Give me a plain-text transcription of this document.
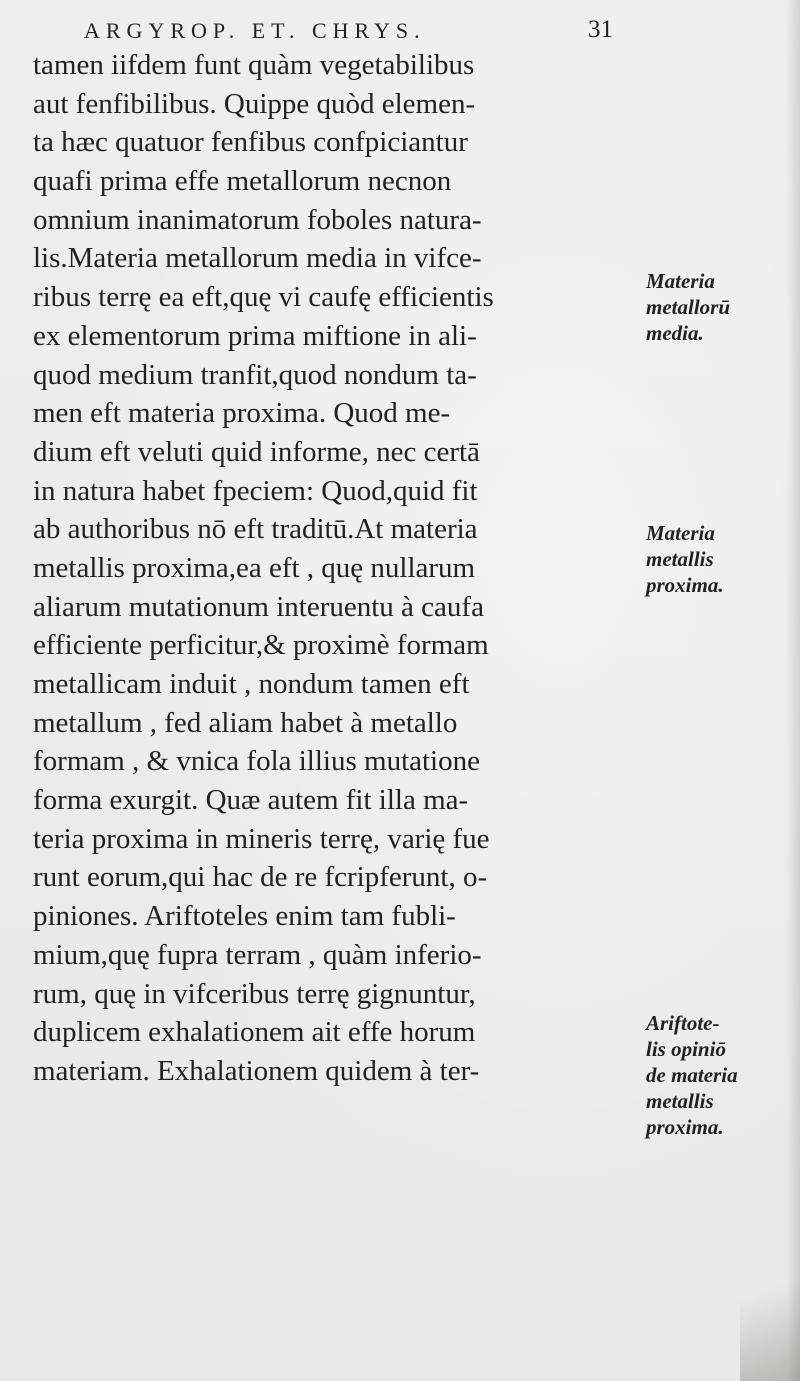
ARGYROP. ET. CHRYS.	31
tamen iifdem funt quàm vegetabilibus
aut fenfibilibus. Quippe quòd elemen-
ta hæc quatuor fenfibus confpiciantur
quafi prima effe metallorum necnon
omnium inanimatorum foboles natura-
lis.Materia metallorum media in vifce-
ribus terrę ea eft,quę vi caufę efficientis
ex elementorum prima miftione in ali-
quod medium tranfit,quod nondum ta-
men eft materia proxima. Quod me-
dium eft veluti quid informe, nec certā
in natura habet fpeciem: Quod,quid fit
ab authoribus nō eft traditū.At materia
metallis proxima,ea eft , quę nullarum
aliarum mutationum interuentu à caufa
efficiente perficitur,& proximè formam
metallicam induit , nondum tamen eft
metallum , fed aliam habet à metallo
formam , & vnica fola illius mutatione
forma exurgit. Quæ autem fit illa ma-
teria proxima in mineris terrę, varię fue
runt eorum,qui hac de re fcripferunt, o-
piniones. Ariftoteles enim tam fubli-
mium,quę fupra terram , quàm inferio-
rum, quę in vifceribus terrę gignuntur,
duplicem exhalationem ait effe horum
materiam. Exhalationem quidem à ter-
Materia
metallorū
media.
Materia
metallis
proxima.
Ariftote-
lis opiniō
de materia
metallis
proxima.
